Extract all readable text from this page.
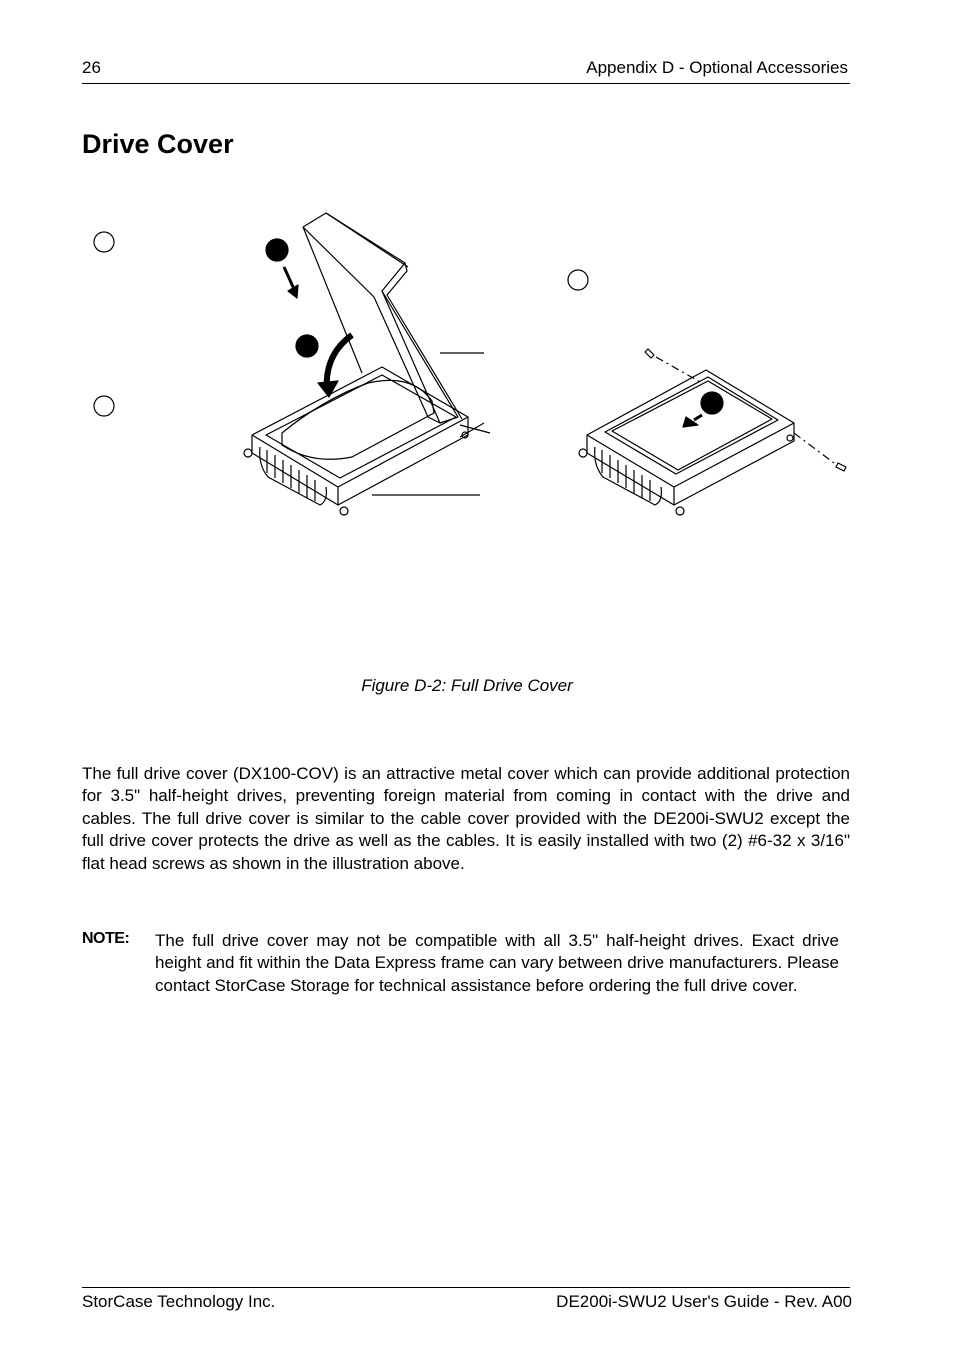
26	Appendix D - Optional Accessories
Drive Cover
Figure D-2: Full Drive Cover

The full drive cover (DX100-COV) is an attractive metal cover which can provide additional protection for 3.5" half-height drives, preventing foreign material from coming in contact with the drive and cables. The full drive cover is similar to the cable cover provided with the DE200i-SWU2 except the full drive cover protects the drive as well as the cables. It is easily installed with two (2) #6-32 x 3/16" flat head screws as shown in the illustration above.

NOTE: The full drive cover may not be compatible with all 3.5" half-height drives. Exact drive height and fit within the Data Express frame can vary between drive manufacturers. Please contact StorCase Storage for technical assistance before ordering the full drive cover.

StorCase Technology Inc.	DE200i-SWU2 User's Guide - Rev. A00
